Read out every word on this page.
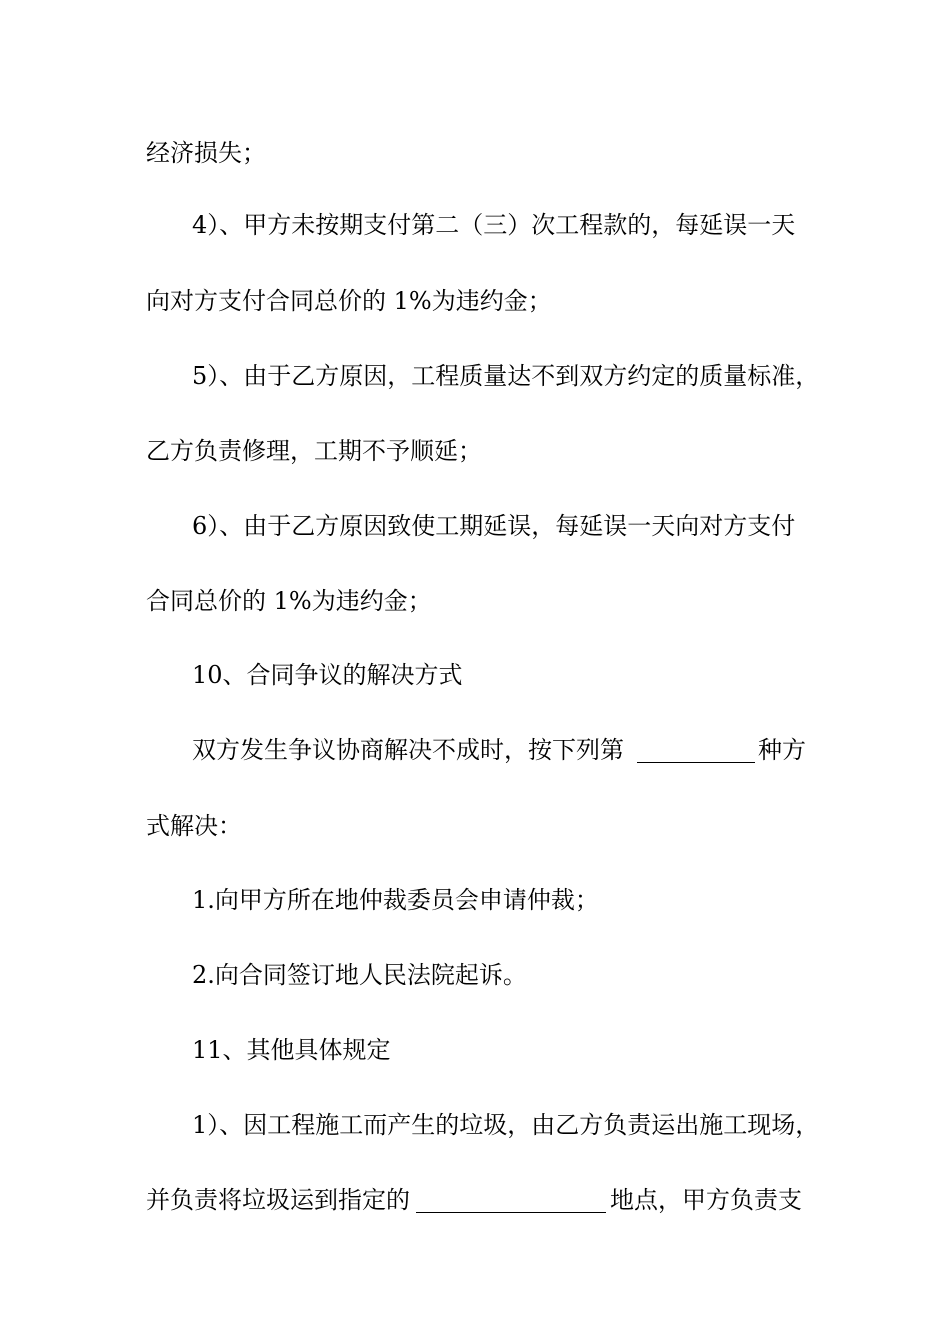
经济损失；
4）、甲方未按期支付第二（三）次工程款的，每延误一天
向对方支付合同总价的 1%为违约金；
5）、由于乙方原因，工程质量达不到双方约定的质量标准，
乙方负责修理，工期不予顺延；
6）、由于乙方原因致使工期延误，每延误一天向对方支付
合同总价的 1%为违约金；
10、合同争议的解决方式
双方发生争议协商解决不成时，按下列第	种方
式解决：
1.向甲方所在地仲裁委员会申请仲裁；
2.向合同签订地人民法院起诉。
11、其他具体规定
1）、因工程施工而产生的垃圾，由乙方负责运出施工现场，
并负责将垃圾运到指定的	地点，甲方负责支
